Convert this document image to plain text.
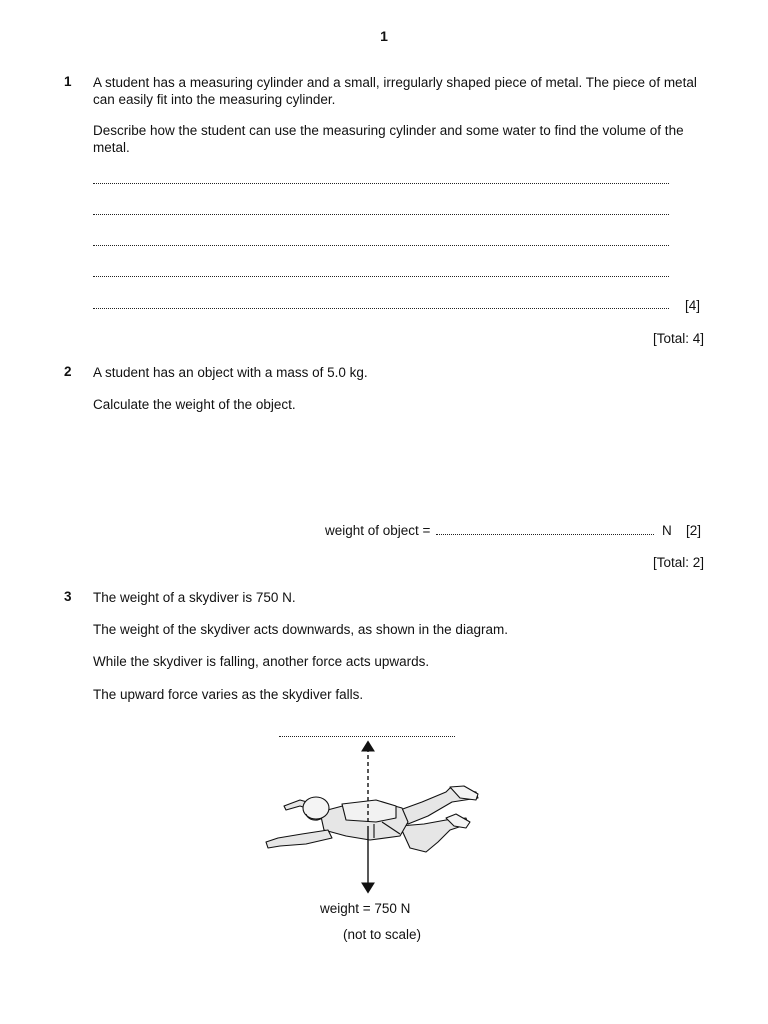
1
1 A student has a measuring cylinder and a small, irregularly shaped piece of metal. The piece of metal can easily fit into the measuring cylinder.
Describe how the student can use the measuring cylinder and some water to find the volume of the metal.
[4]
[Total: 4]
2 A student has an object with a mass of 5.0 kg.
Calculate the weight of the object.
weight of object =	N [2]
[Total: 2]
3 The weight of a skydiver is 750 N.
The weight of the skydiver acts downwards, as shown in the diagram.
While the skydiver is falling, another force acts upwards.
The upward force varies as the skydiver falls.
weight = 750 N
(not to scale)
